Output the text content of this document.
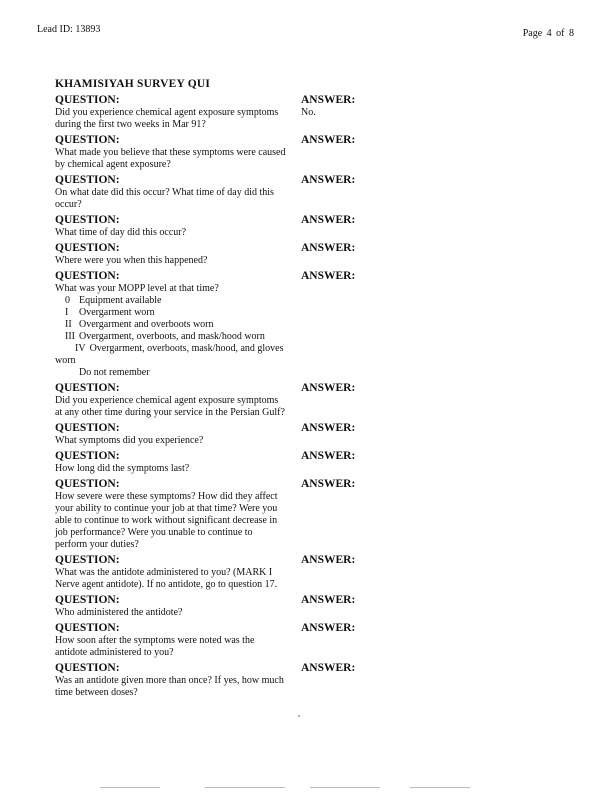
Lead ID: 13893	Page 4 of 8
KHAMISIYAH SURVEY QUI
QUESTION:
Did you experience chemical agent exposure symptoms during the first two weeks in Mar 91?
ANSWER:
No.
QUESTION:
What made you believe that these symptoms were caused by chemical agent exposure?
ANSWER:
QUESTION:
On what date did this occur? What time of day did this occur?
ANSWER:
QUESTION:
What time of day did this occur?
ANSWER:
QUESTION:
Where were you when this happened?
ANSWER:
QUESTION:
What was your MOPP level at that time?
0 Equipment available
I Overgarment worn
II Overgarment and overboots worn
III Overgarment, overboots, and mask/hood worn
IV Overgarment, overboots, mask/hood, and gloves worn
Do not remember
ANSWER:
QUESTION:
Did you experience chemical agent exposure symptoms at any other time during your service in the Persian Gulf?
ANSWER:
QUESTION:
What symptoms did you experience?
ANSWER:
QUESTION:
How long did the symptoms last?
ANSWER:
QUESTION:
How severe were these symptoms? How did they affect your ability to continue your job at that time? Were you able to continue to work without significant decrease in job performance? Were you unable to continue to perform your duties?
ANSWER:
QUESTION:
What was the antidote administered to you? (MARK I Nerve agent antidote). If no antidote, go to question 17.
ANSWER:
QUESTION:
Who administered the antidote?
ANSWER:
QUESTION:
How soon after the symptoms were noted was the antidote administered to you?
ANSWER:
QUESTION:
Was an antidote given more than once? If yes, how much time between doses?
ANSWER:
